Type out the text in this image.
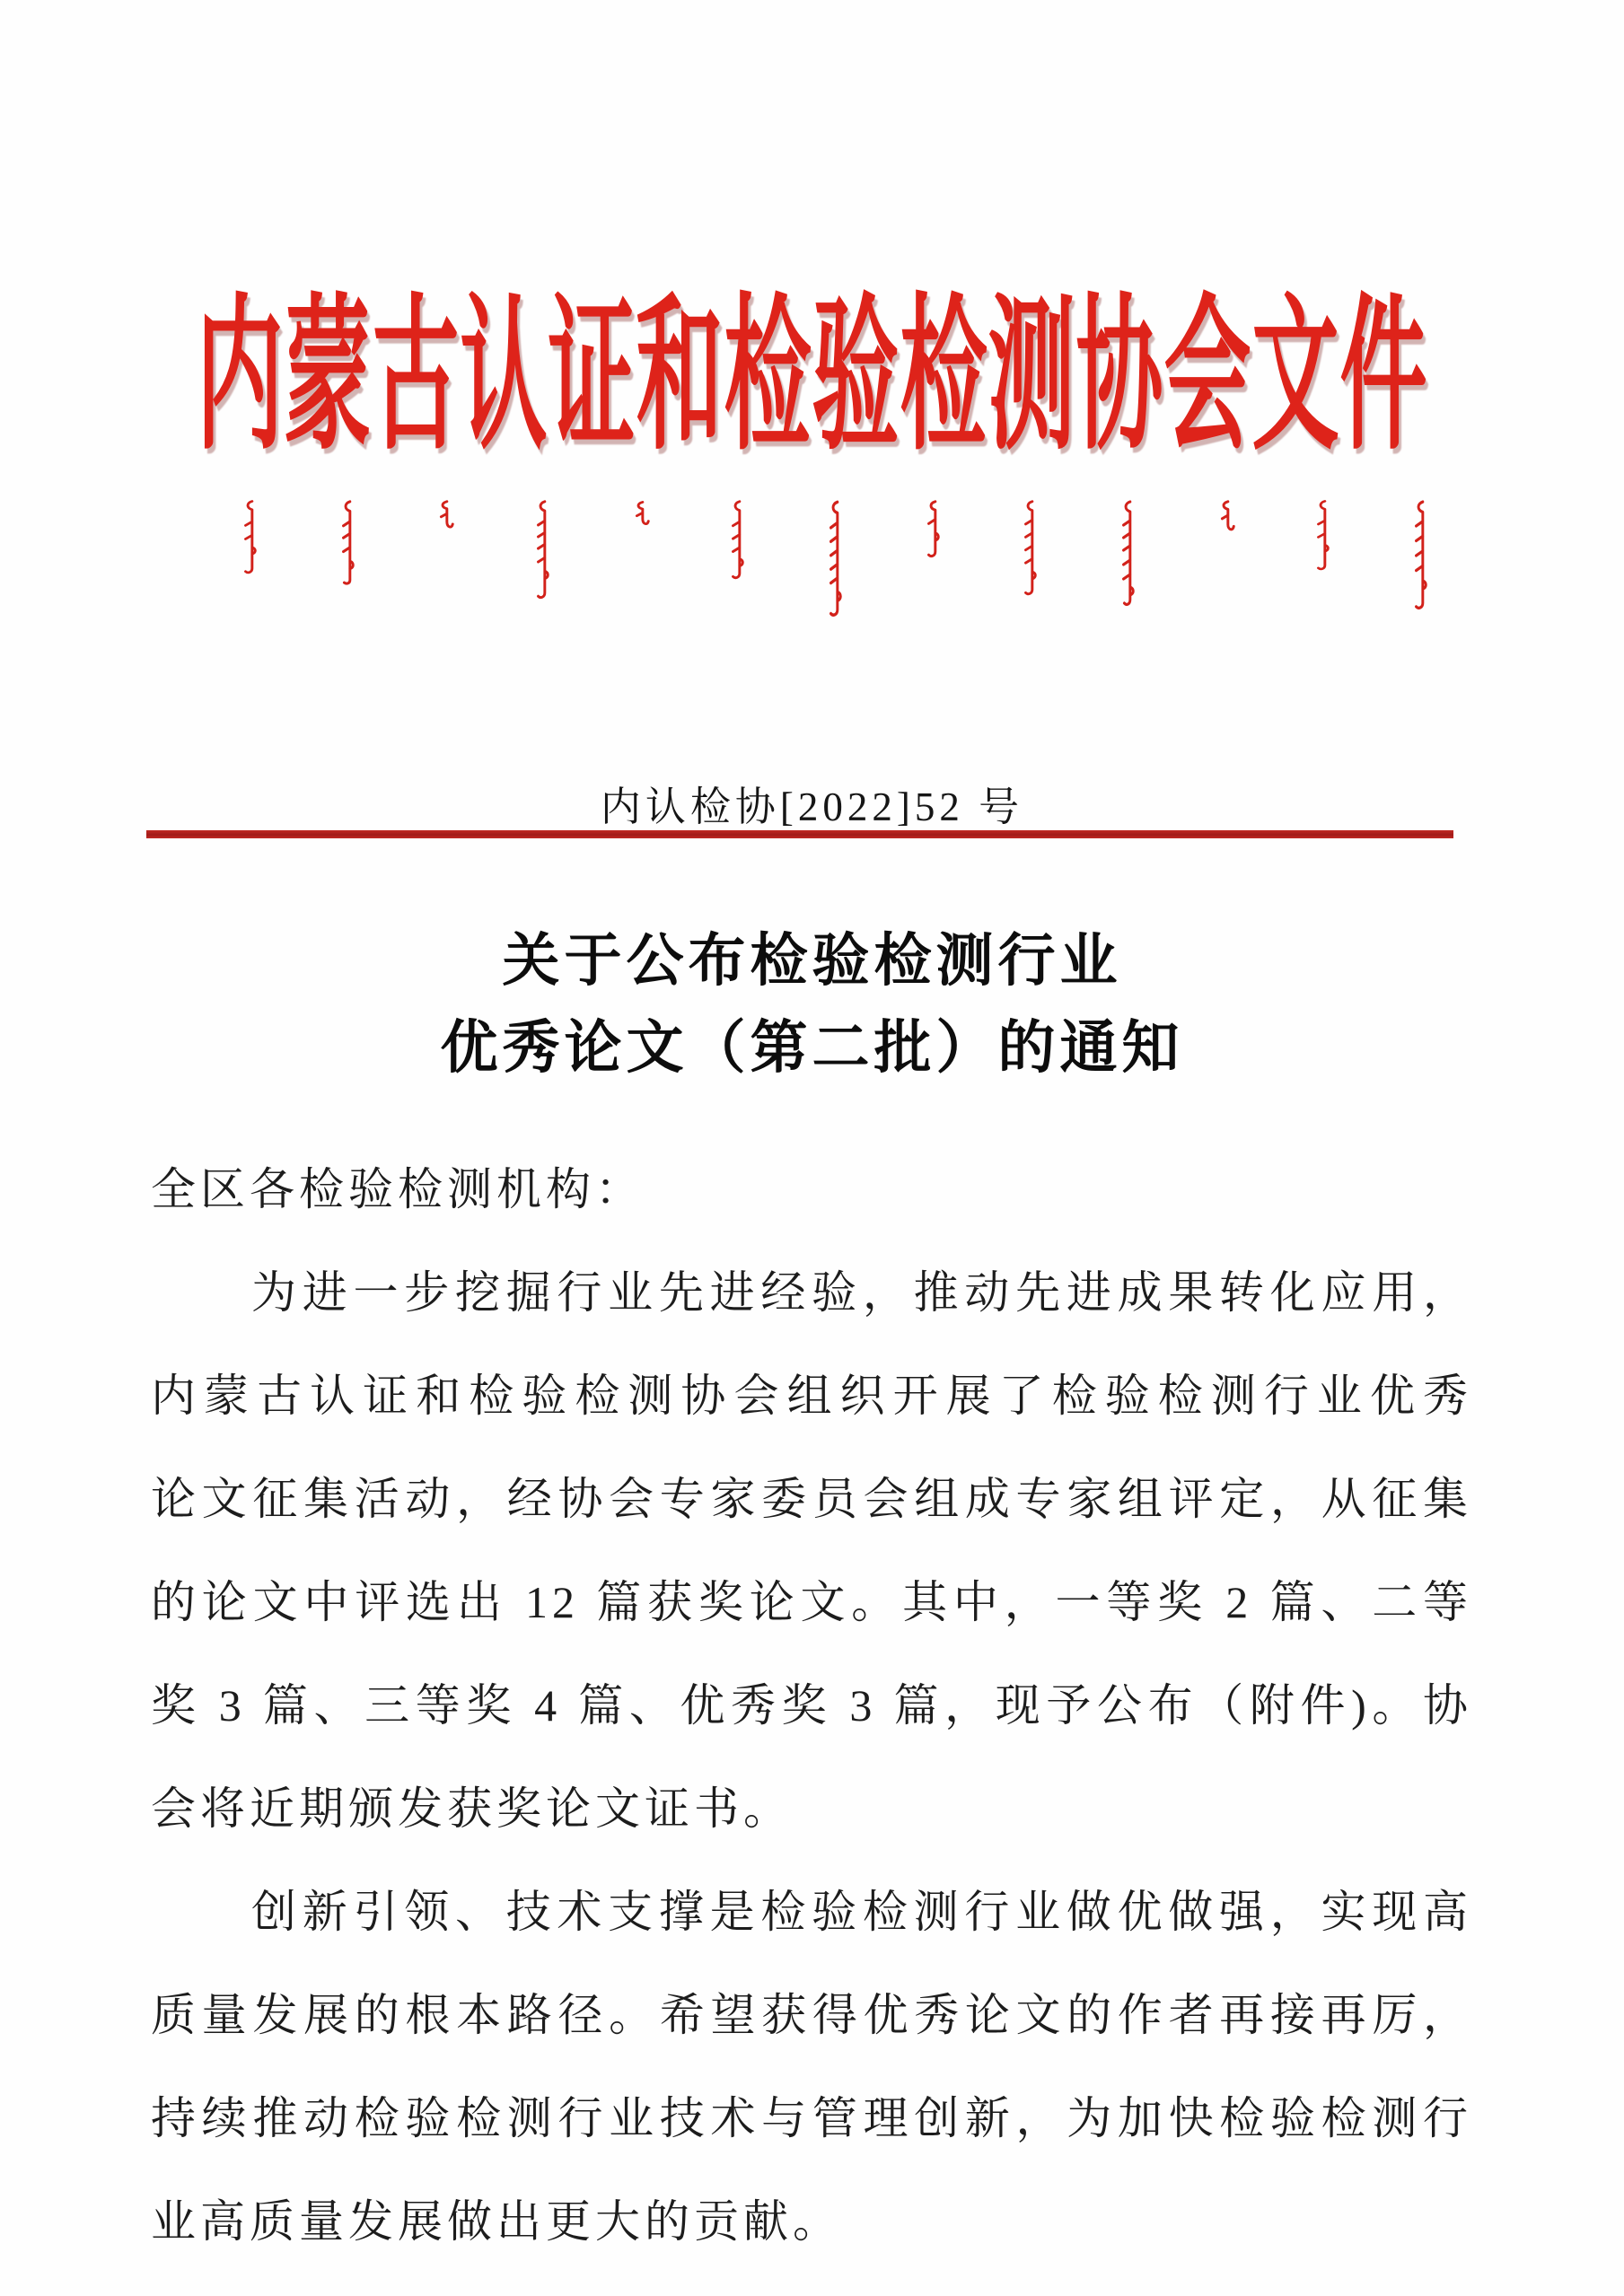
内蒙古认证和检验检测协会文件
内认检协[2022]52 号
关于公布检验检测行业
优秀论文（第二批）的通知
全区各检验检测机构：
为进一步挖掘行业先进经验，推动先进成果转化应用，
内蒙古认证和检验检测协会组织开展了检验检测行业优秀
论文征集活动，经协会专家委员会组成专家组评定，从征集
的论文中评选出 12 篇获奖论文。其中，一等奖 2 篇、二等
奖 3 篇、三等奖 4 篇、优秀奖 3 篇，现予公布（附件)。协
会将近期颁发获奖论文证书。
创新引领、技术支撑是检验检测行业做优做强，实现高
质量发展的根本路径。希望获得优秀论文的作者再接再厉，
持续推动检验检测行业技术与管理创新，为加快检验检测行
业高质量发展做出更大的贡献。
